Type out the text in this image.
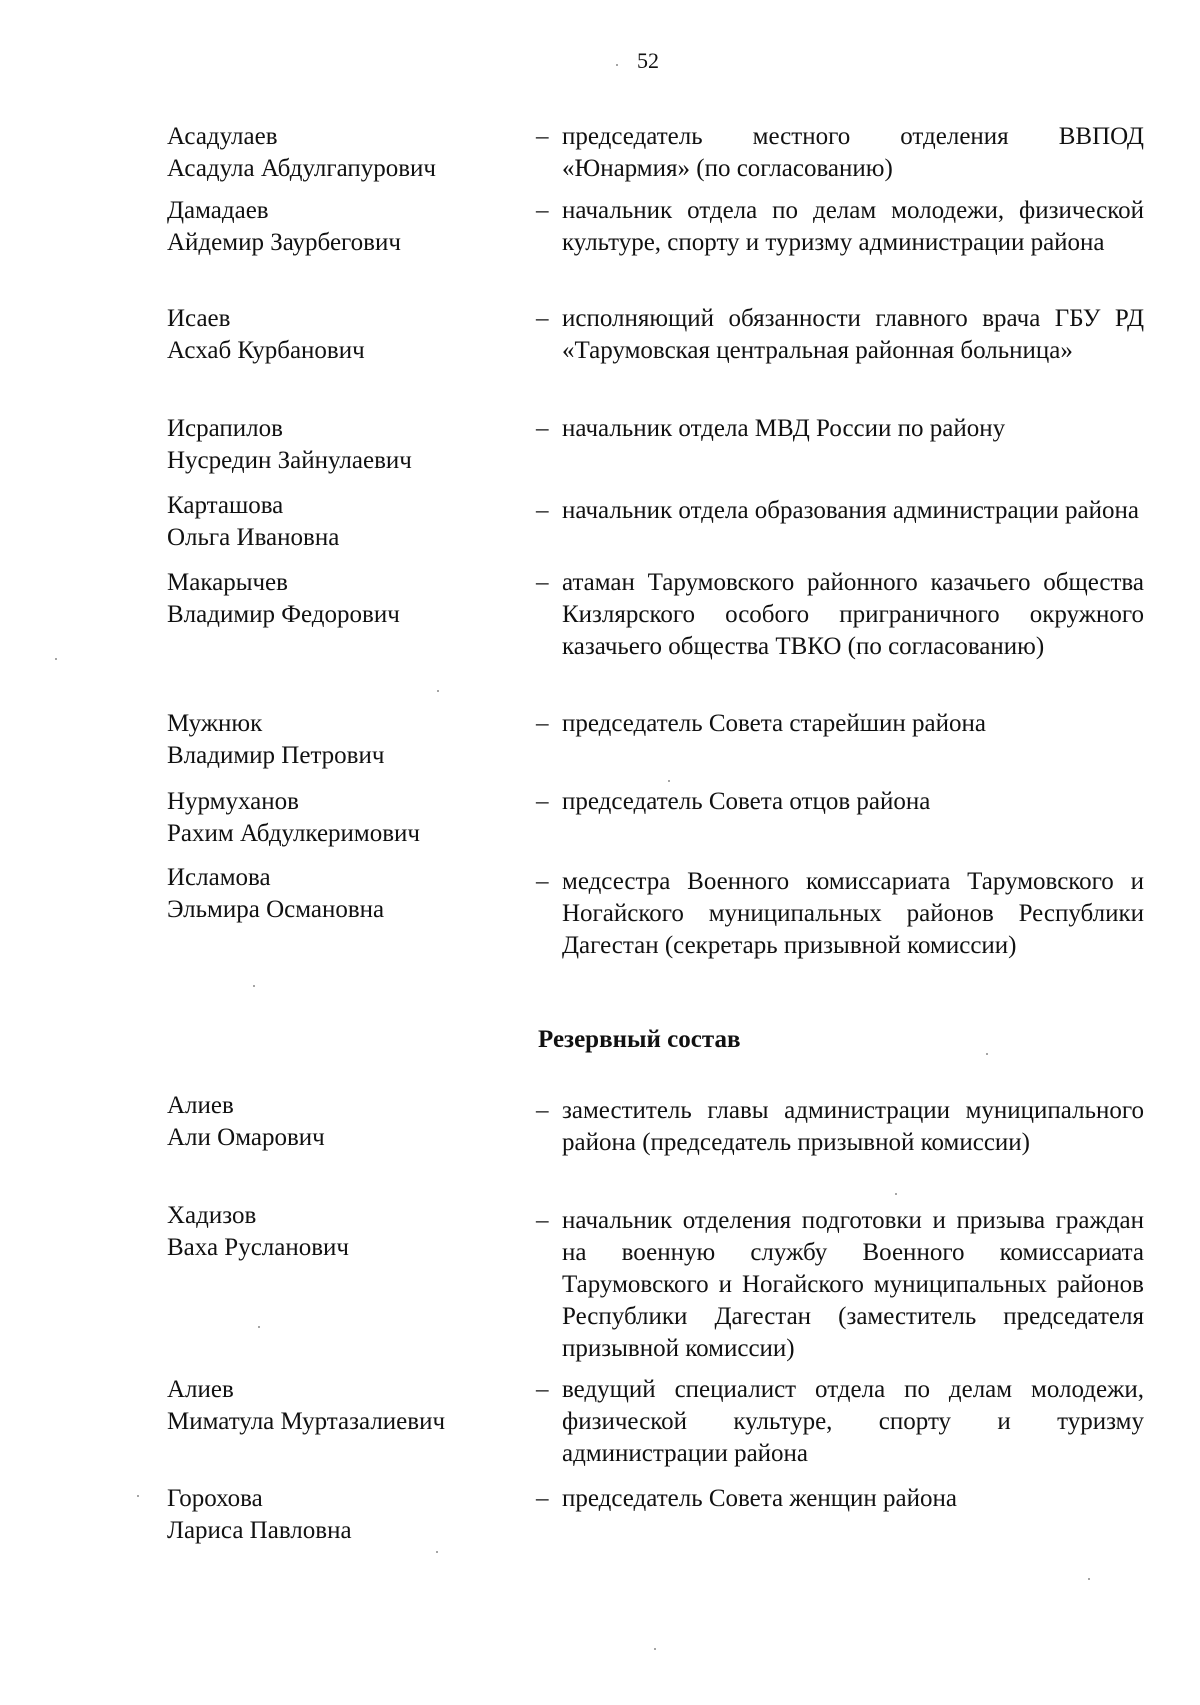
52
Асадулаев
Асадула Абдулгапурович
– председатель местного отделения ВВПОД «Юнармия» (по согласованию)
Дамадаев
Айдемир Заурбегович
– начальник отдела по делам молодежи, физической культуре, спорту и туризму администрации района
Исаев
Асхаб Курбанович
– исполняющий обязанности главного врача ГБУ РД «Тарумовская центральная районная больница»
Исрапилов
Нусредин Зайнулаевич
– начальник отдела МВД России по району
Карташова
Ольга Ивановна
– начальник отдела образования администрации района
Макарычев
Владимир Федорович
– атаман Тарумовского районного казачьего общества Кизлярского особого приграничного окружного казачьего общества ТВКО (по согласованию)
Мужнюк
Владимир Петрович
– председатель Совета старейшин района
Нурмуханов
Рахим Абдулкеримович
– председатель Совета отцов района
Исламова
Эльмира Османовна
– медсестра Военного комиссариата Тарумовского и Ногайского муниципальных районов Республики Дагестан (секретарь призывной комиссии)
Резервный состав
Алиев
Али Омарович
– заместитель главы администрации муниципального района (председатель призывной комиссии)
Хадизов
Ваха Русланович
– начальник отделения подготовки и призыва граждан на военную службу Военного комиссариата Тарумовского и Ногайского муниципальных районов Республики Дагестан (заместитель председателя призывной комиссии)
Алиев
Миматула Муртазалиевич
– ведущий специалист отдела по делам молодежи, физической культуре, спорту и туризму администрации района
Горохова
Лариса Павловна
– председатель Совета женщин района
